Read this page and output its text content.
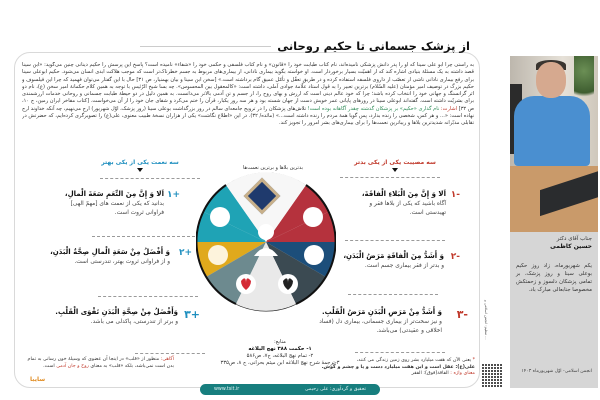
از پزشک جسمانی تا حکیم روحانی
به راستی چرا ابو علی سینا که او را پدر دانش پزشکی نامیده‌اند، نام کتاب طبابت خود را «قانون» و نام کتاب فلسفی و حکمی خود را «شفاء» نامیده است؟ پاسخ این پرسش را حکیم دینانی چنین می‌گوید: «ابن سینا قصد داشته به یک مسئلهٔ بنیادی اشاره کند که از اهمیّت بسیار برخوردار است. او خواسته بگوید بیماری نادانی، از بیماری‌های مربوط به جسم خطرناک‌تر است که موجب هلاکت ابدی انسان می‌شود. حکیم ابوعلی سینا برای رفع بیماری نادانی ناشی از تعصّب از داروی فلسفه استفاده کرده و در طریق تعقّل و تأمّل عمیق گام برداشته است.» [سخن ابن سینا و بیان بهمنیار، ص ۳۱] حال با این گفتار می‌توان فهمید که چرا این فیلسوف و حکیم بزرگ در توصیف امیر مؤمنان (علیه السّلام) برترین تعبیر را به قول استاد علّامهٔ جوادی آملی، داشته است: «کالمعقول بین المحسوس». چه بسا شیخ الرّئیس با توجه به همین کلام حکمانهٔ امیر سخن (ع)، نام دو اثر گرانسنگ و جهانی خود را انتخاب کرده باشد؛ چرا که خود عالم دینی است که ارزش و بهای روح را، از جسم و تن آدمی بالاتر می‌دانست. به همین دلیل در دو حیطهٔ طبابت جسمانی و روحانی خدمات ارزشمندی برای بشریّت داشته است. گفته‌اند ابوعلی سینا در روزهای پایانی عمر خویش دست از جهان شسته بود و هر سه روز یکبار، قرآن را ختم می‌کرد و شفای جان خود را از آن می‌خواست. [کتاب مفاخر ایران زمین، ج ۱۰، ص ۳۲] اشارت: نام گذاری «حکیم» بر پزشکان گذشته چقدر آگاهانه بوده است! تلاش‌های پزشکان را در ترویج جامعه‌ای سالم در روز بزرگداشت بوعلی سینا (روز پزشک، اوّل شهریور) ارج می‌نهیم، چه آنکه خداوند ارج نهاده است: «... و هر کس، شخصی را زنده بدارد، پس گویا همهٔ مردم را زنده داشته است...» (مائده/ ۳۲). در این «اطلاع نگاشت» یکی از هزاران نسخهٔ طبیب معنوی، علی(ع) را تصویرگری کرده‌ایم، که حضرتش در تقابلی مدبّرانه شدیدترین بلاها و زیباترین نعمت‌ها را برای بیماری‌های بشر امروز را تجویز کند.
سه نعمت یکی از یکی بهتر	سه مصیبت یکی از یکی بدتر
+۱
اَلا وَ إِنَّ مِنَ النِّعَمِ سَعَةَ الْمالِ،
بدانید که یکی از نعمت های [مهمّ الهی] فراوانی ثروت است.
+۲
وَ أَفْضَلُ مِنْ سَعَةِ الْمالِ صِحَّةُ الْبَدَنِ،
و از فراوانی ثروت بهتر، تندرستی است.
+۳
وَأَفْضَلُ مِنْ صِحَّةِ الْبَدَنِ تَقْوَى الْقَلْبِ.
و برتر از تندرستی، پاکدلی می باشد.
-۱
اَلا وَ إِنَّ مِنَ الْبَلاءِ الْفاقَةَ،
آگاه باشید که یکی از بلاها فقر و تهیدستی است.
-۲
وَ أَشَدُّ مِنَ الْفاقَةِ مَرَضُ الْبَدَنِ،
و بدتر از فقر بیماری جسم است.
-۳
وَ أَشَدُّ مِنْ مَرَضِ الْبَدَنِ مَرَضُ الْقَلْبِ.
و نیز سخت‌تر از بیماری جسمانی، بیماری دل (فساد اخلاقی و عقیدتی) می‌باشد.
بدترین بلاها و برترین نعمت‌ها
منابع:
۱- حکمت ۳۸۸ نهج البلاغه
۲- تمام نهج البلاغه، ج۷، ص۵۸۶
۳-ترجمهٔ شرح نهج البلاغه ابن میثم بحرانی، ج ۸، ص۳۳۵
آگاهی: منظور از «قلب» در اینجا آن عضوی که وسیلهٔ خون رسانی به تمام بدن است نمی‌باشد، بلکه «قلب» به معنای روح و جان آدمی است.
سایبا
* یعنی الآن که هفت میلیارد بشر روی زمین زندگی می کنند،
علی(ع): عقل است و این هفت میلیارد دست و پا و چشم و گوش.
معنای واژه : الفاقة(فوق): الفقر
تحقیق و گردآوری: علی رحیمی
www.tsit.ir
تنظیم: انجمن اسلامی و ...
جناب آقای دکتر
حسین کاظمی
یکم شهریورماه، زاد روز حکیم بوعلی سینا و روز پزشک، بر تمامی پزشکان دلسوز و زحمتکش مخصوصا جنابعالی مبارک باد.
انجمن اسلامی- اوّل شهریورماه ۱۴۰۳
